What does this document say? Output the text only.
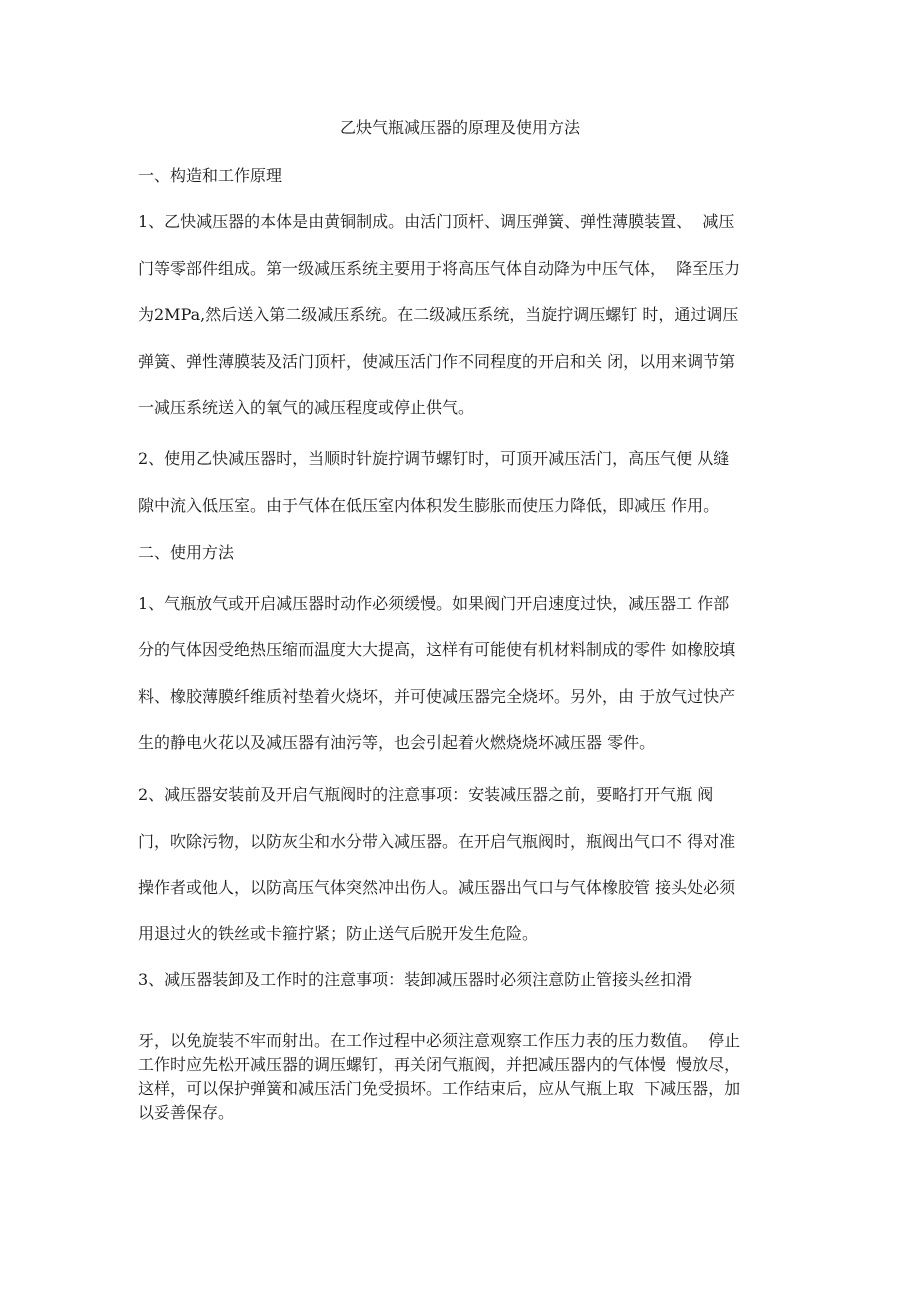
乙炔气瓶减压器的原理及使用方法
一、构造和工作原理
1、乙快减压器的本体是由黄铜制成。由活门顶杆、调压弹簧、弹性薄膜装置、  减压
门等零部件组成。第一级减压系统主要用于将高压气体自动降为中压气体，  降至压力
为2MPa,然后送入第二级减压系统。在二级减压系统，当旋拧调压螺钉 时，通过调压
弹簧、弹性薄膜装及活门顶杆，使减压活门作不同程度的开启和关 闭，以用来调节第
一减压系统送入的氧气的减压程度或停止供气。
2、使用乙快减压器时，当顺时针旋拧调节螺钉时，可顶开减压活门，高压气便 从缝
隙中流入低压室。由于气体在低压室内体积发生膨胀而使压力降低，即减压 作用。
二、使用方法
1、气瓶放气或开启减压器时动作必须缓慢。如果阀门开启速度过快，减压器工 作部
分的气体因受绝热压缩而温度大大提高，这样有可能使有机材料制成的零件 如橡胶填
料、橡胶薄膜纤维质衬垫着火烧坏，并可使减压器完全烧坏。另外，由 于放气过快产
生的静电火花以及减压器有油污等，也会引起着火燃烧烧坏减压器 零件。
2、减压器安装前及开启气瓶阀时的注意事项：安装减压器之前，要略打开气瓶 阀
门，吹除污物，以防灰尘和水分带入减压器。在开启气瓶阀时，瓶阀出气口不 得对准
操作者或他人，以防高压气体突然冲出伤人。减压器出气口与气体橡胶管 接头处必须
用退过火的铁丝或卡箍拧紧；防止送气后脱开发生危险。
3、减压器装卸及工作时的注意事项：装卸减压器时必须注意防止管接头丝扣滑

牙，以免旋装不牢而射出。在工作过程中必须注意观察工作压力表的压力数值。  停止

工作时应先松开减压器的调压螺钉，再关闭气瓶阀，并把减压器内的气体慢  慢放尽，

这样，可以保护弹簧和减压活门免受损坏。工作结束后，应从气瓶上取  下减压器，加

以妥善保存。
